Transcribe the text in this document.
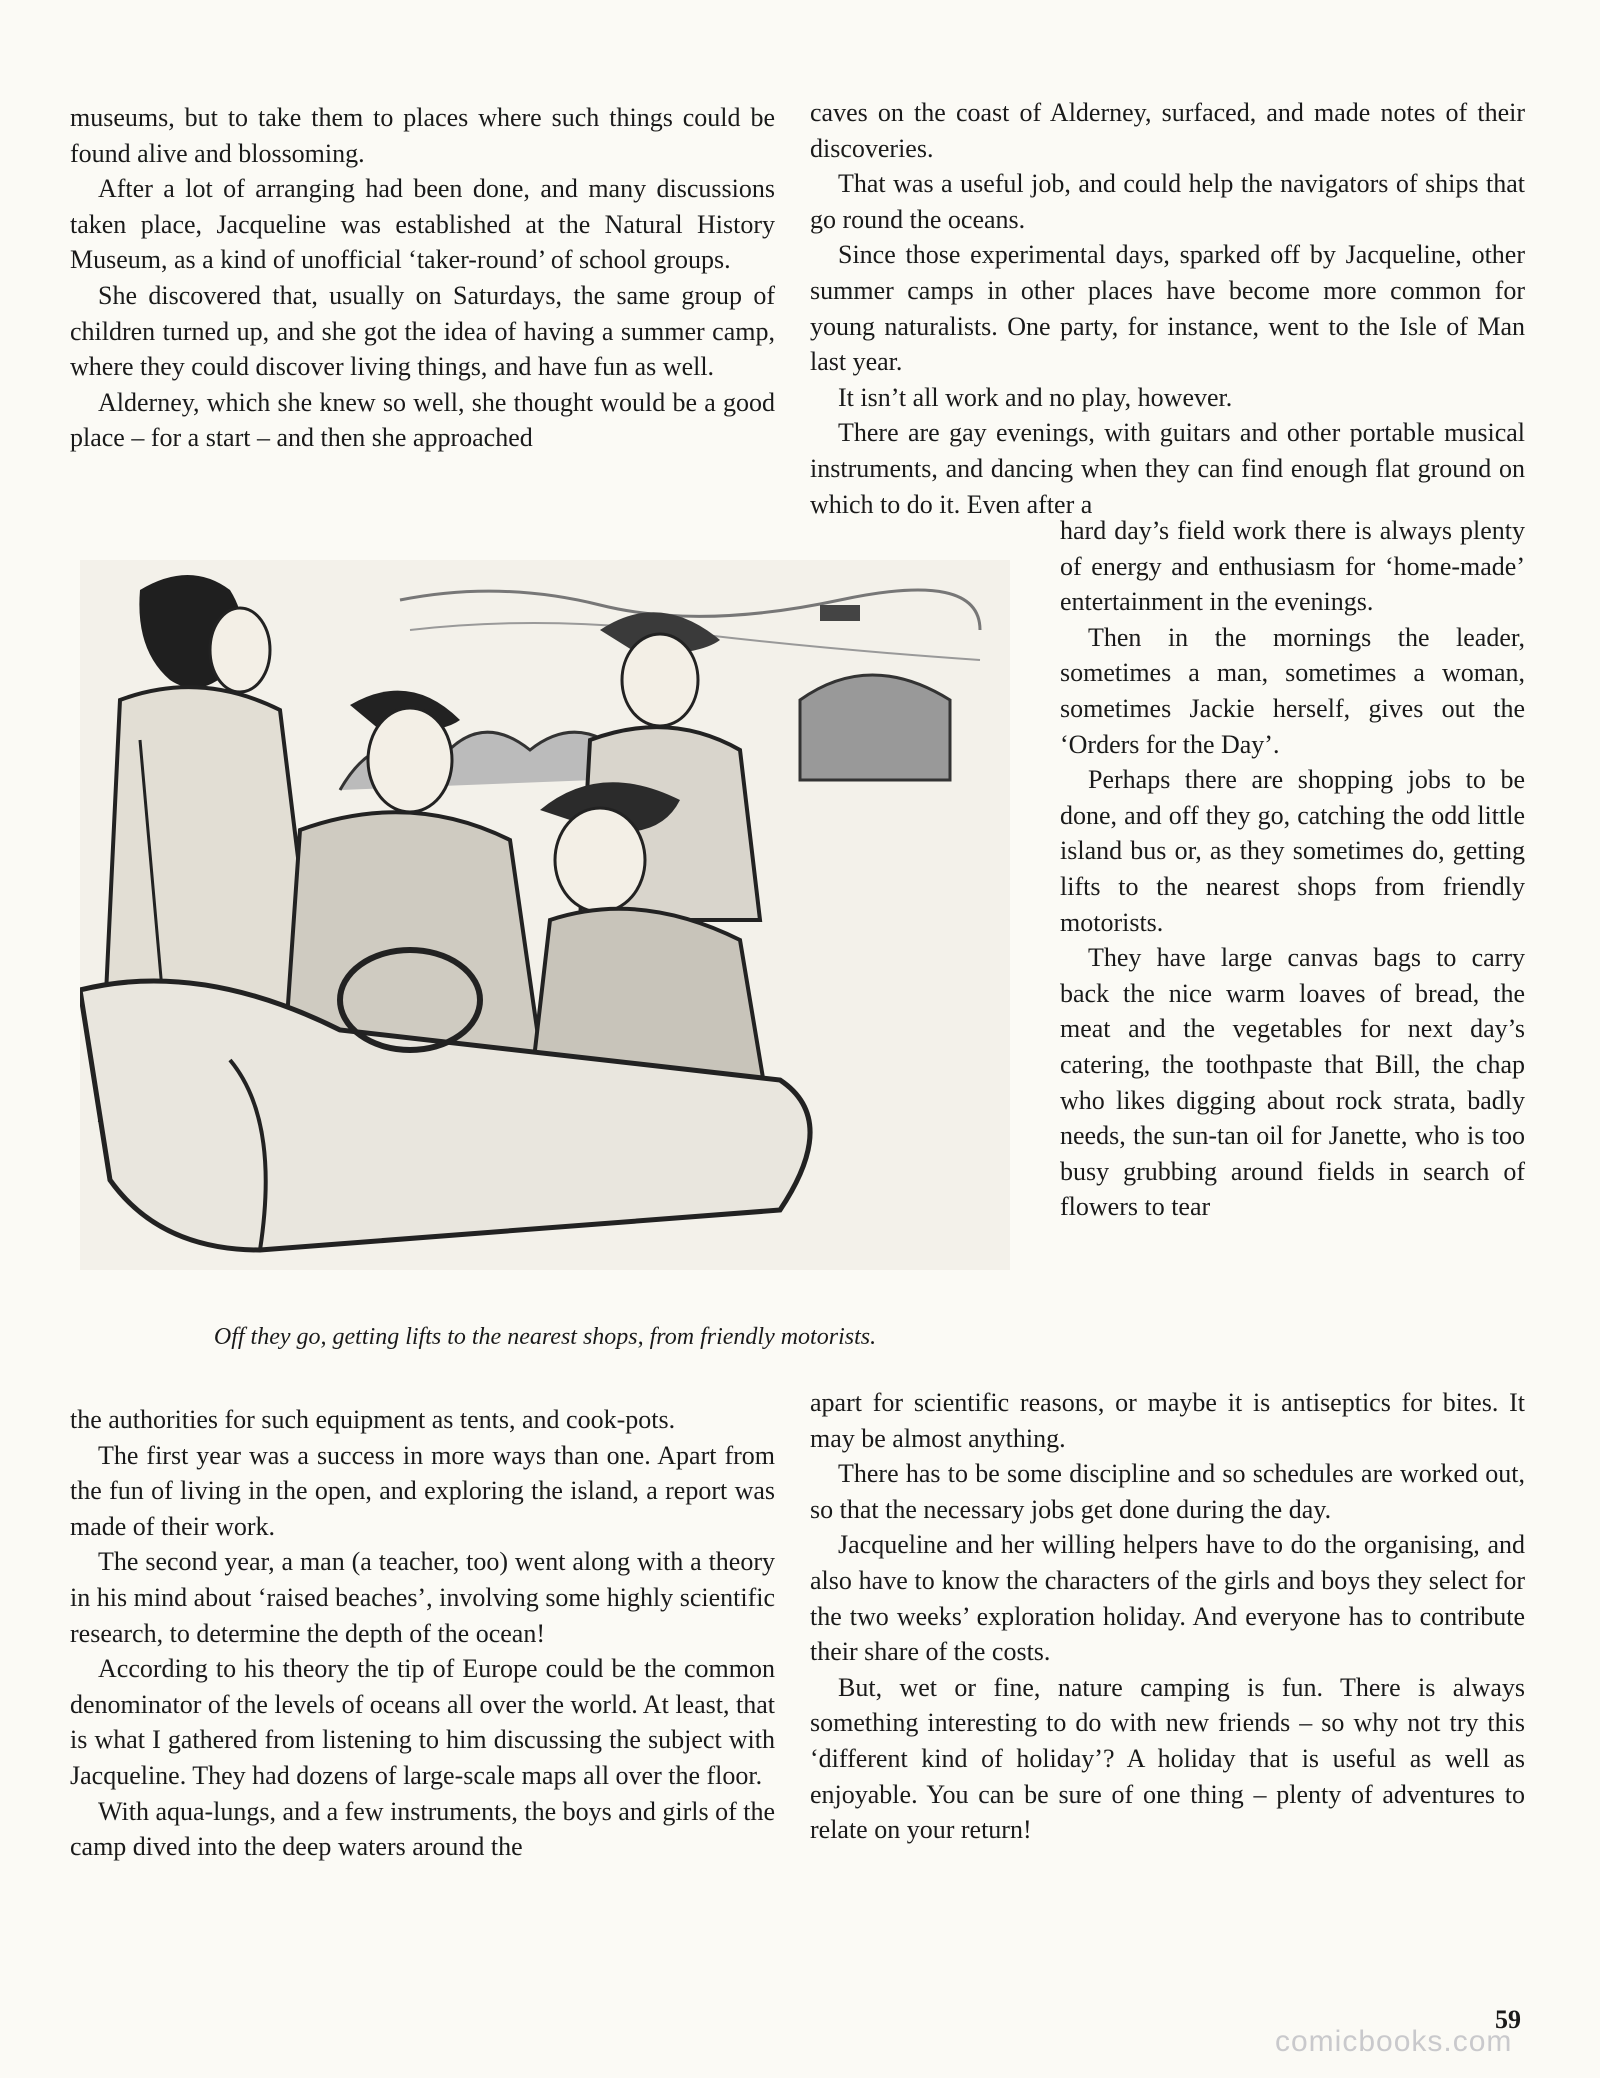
museums, but to take them to places where such things could be found alive and blossoming.

After a lot of arranging had been done, and many discussions taken place, Jacqueline was established at the Natural History Museum, as a kind of unofficial ‘taker-round’ of school groups.

She discovered that, usually on Saturdays, the same group of children turned up, and she got the idea of having a summer camp, where they could discover living things, and have fun as well.

Alderney, which she knew so well, she thought would be a good place – for a start – and then she approached

Off they go, getting lifts to the nearest shops, from friendly motorists.

the authorities for such equipment as tents, and cook-pots.

The first year was a success in more ways than one. Apart from the fun of living in the open, and exploring the island, a report was made of their work.

The second year, a man (a teacher, too) went along with a theory in his mind about ‘raised beaches’, involving some highly scientific research, to determine the depth of the ocean!

According to his theory the tip of Europe could be the common denominator of the levels of oceans all over the world. At least, that is what I gathered from listening to him discussing the subject with Jacqueline. They had dozens of large-scale maps all over the floor.

With aqua-lungs, and a few instruments, the boys and girls of the camp dived into the deep waters around the

caves on the coast of Alderney, surfaced, and made notes of their discoveries.

That was a useful job, and could help the navigators of ships that go round the oceans.

Since those experimental days, sparked off by Jacqueline, other summer camps in other places have become more common for young naturalists. One party, for instance, went to the Isle of Man last year.

It isn’t all work and no play, however.

There are gay evenings, with guitars and other portable musical instruments, and dancing when they can find enough flat ground on which to do it. Even after a

hard day’s field work there is always plenty of energy and enthusiasm for ‘home-made’ entertainment in the evenings.

Then in the mornings the leader, sometimes a man, sometimes a woman, sometimes Jackie herself, gives out the ‘Orders for the Day’.

Perhaps there are shopping jobs to be done, and off they go, catching the odd little island bus or, as they sometimes do, getting lifts to the nearest shops from friendly motorists.

They have large canvas bags to carry back the nice warm loaves of bread, the meat and the vegetables for next day’s catering, the toothpaste that Bill, the chap who likes digging about rock strata, badly needs, the sun-tan oil for Janette, who is too busy grubbing around fields in search of flowers to tear

apart for scientific reasons, or maybe it is antiseptics for bites. It may be almost anything.

There has to be some discipline and so schedules are worked out, so that the necessary jobs get done during the day.

Jacqueline and her willing helpers have to do the organising, and also have to know the characters of the girls and boys they select for the two weeks’ exploration holiday. And everyone has to contribute their share of the costs.

But, wet or fine, nature camping is fun. There is always something interesting to do with new friends – so why not try this ‘different kind of holiday’? A holiday that is useful as well as enjoyable. You can be sure of one thing – plenty of adventures to relate on your return!

comicbooks.com
59
